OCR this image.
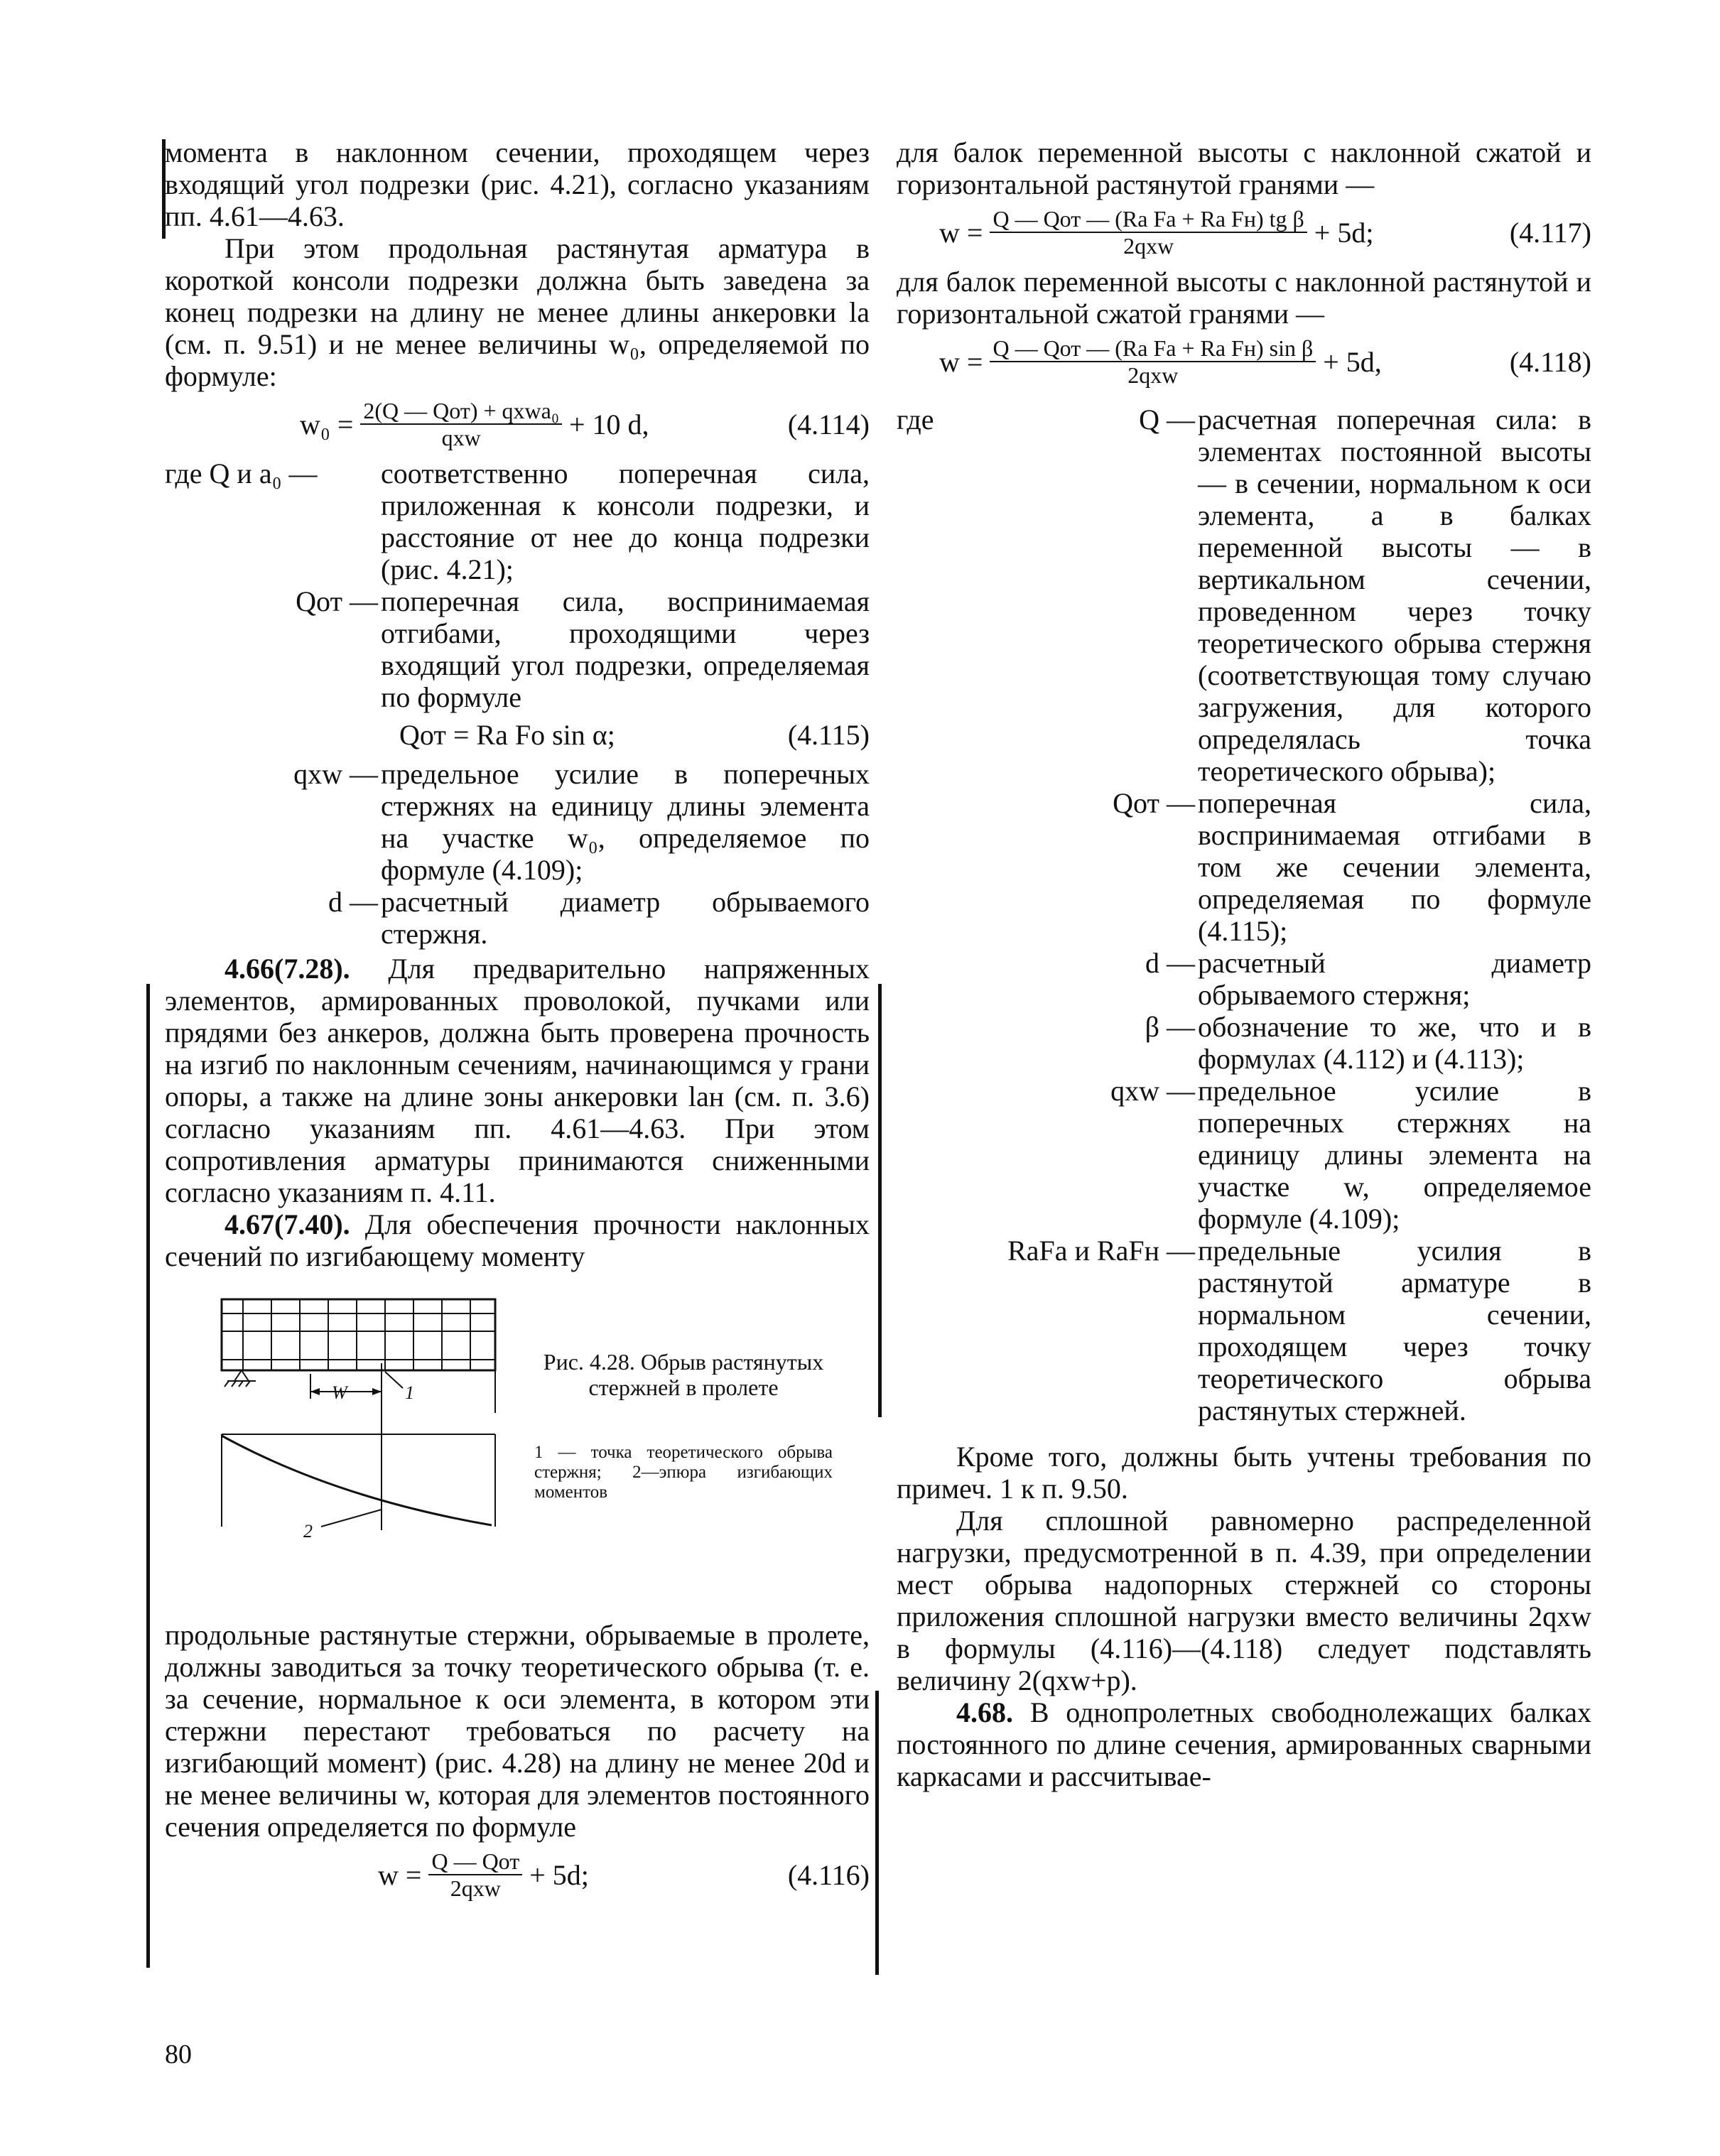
момента в наклонном сечении, проходящем через входящий угол подрезки (рис. 4.21), согласно указаниям пп. 4.61—4.63.

При этом продольная растянутая арматура в короткой консоли подрезки должна быть заведена за конец подрезки на длину не менее длины анкеровки lа (см. п. 9.51) и не менее величины w₀, определяемой по формуле:

$w_0 = \frac{\text{2(Q — Qот) + qхwa₀}}{\text{qхw}} + 10$ d,	(4.114)
где Q и a₀ —	соответственно поперечная сила, приложенная к консоли подрезки, и расстояние от нее до конца подрезки (рис. 4.21);
Qот — поперечная сила, воспринимаемая отгибами, проходящими через входящий угол подрезки, определяемая по формуле
Qот = Rа Fо sin α;	(4.115)
qхw — предельное усилие в поперечных стержнях на единицу длины элемента на участке w₀, определяемое по формуле (4.109);
d — расчетный диаметр обрываемого стержня.

4.66(7.28). Для предварительно напряженных элементов, армированных проволокой, пучками или прядями без анкеров, должна быть проверена прочность на изгиб по наклонным сечениям, начинающимся у грани опоры, а также на длине зоны анкеровки lан (см. п. 3.6) согласно указаниям пп. 4.61—4.63. При этом сопротивления арматуры принимаются сниженными согласно указаниям п. 4.11.

4.67(7.40). Для обеспечения прочности наклонных сечений по изгибающему моменту

W	1
2
Рис. 4.28. Обрыв растянутых стержней в пролете
1 — точка теоретического обрыва стержня; 2—эпюра изгибающих моментов

продольные растянутые стержни, обрываемые в пролете, должны заводиться за точку теоретического обрыва (т. е. за сечение, нормальное к оси элемента, в котором эти стержни перестают требоваться по расчету на изгибающий момент) (рис. 4.28) на длину не менее 20d и не менее величины w, которая для элементов постоянного сечения определяется по формуле

$w = \frac{\text{Q — Qот}}{\text{2qхw}} + 5d$;	(4.116)

для балок переменной высоты с наклонной сжатой и горизонтальной растянутой гранями —

$w = \frac{\text{Q — Qот — (Rа Fа + Rа Fн) tg β}}{\text{2qхw}} + 5d$;	(4.117)

для балок переменной высоты с наклонной растянутой и горизонтальной сжатой гранями —

$w = \frac{\text{Q — Qот — (Rа Fа + Rа Fн) sin β}}{\text{2qхw}} + 5d$,	(4.118)
где	Q — расчетная поперечная сила: в элементах постоянной высоты — в сечении, нормальном к оси элемента, а в балках переменной высоты — в вертикальном сечении, проведенном через точку теоретического обрыва стержня (соответствующая тому случаю загружения, для которого определялась точка теоретического обрыва);
Qот — поперечная сила, воспринимаемая отгибами в том же сечении элемента, определяемая по формуле (4.115);
d — расчетный диаметр обрываемого стержня;
β — обозначение то же, что и в формулах (4.112) и (4.113);
qхw — предельное усилие в поперечных стержнях на единицу длины элемента на участке w, определяемое формуле (4.109);
RаFа и RаFн — предельные усилия в растянутой арматуре в нормальном сечении, проходящем через точку теоретического обрыва растянутых стержней.

Кроме того, должны быть учтены требования по примеч. 1 к п. 9.50.

Для сплошной равномерно распределенной нагрузки, предусмотренной в п. 4.39, при определении мест обрыва надопорных стержней со стороны приложения сплошной нагрузки вместо величины 2qхw в формулы (4.116)—(4.118) следует подставлять величину 2(qхw+p).

4.68. В однопролетных свободнолежащих балках постоянного по длине сечения, армированных сварными каркасами и рассчитывае-

80
